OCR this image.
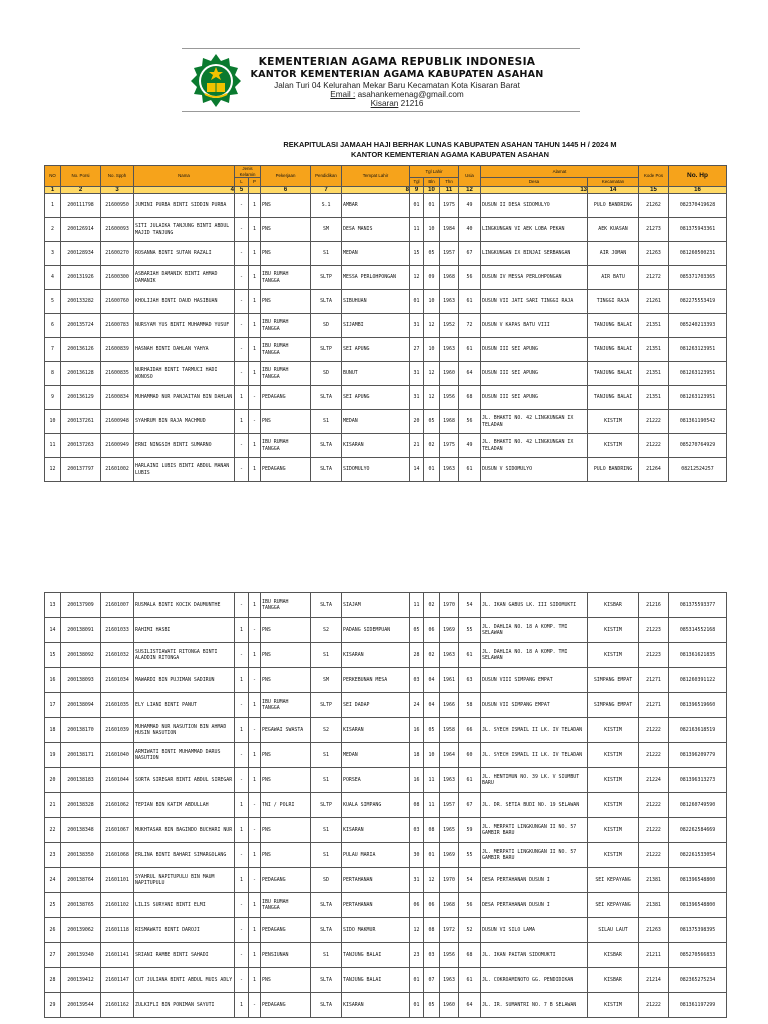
KEMENTERIAN AGAMA REPUBLIK INDONESIA
KANTOR KEMENTERIAN AGAMA KABUPATEN ASAHAN
Jalan Turi 04 Kelurahan Mekar Baru Kecamatan Kota Kisaran Barat
Email : asahankemenag@gmail.com
Kisaran 21216
REKAPITULASI JAMAAH HAJI BERHAK LUNAS KABUPATEN ASAHAN TAHUN 1445 H / 2024 M
KANTOR KEMENTERIAN AGAMA KABUPATEN ASAHAN
NO	No. Porsi	No. Spph	Nama	Jenis Kelamin		Pekerjaan	Pendidikan	Tempat Lahir	Tgl Lahir			Usia	Alamat		Kode Pos	No. Hp
				L	P				Tgl	Bln	Thn		Desa	Kecamatan		
1	2	3	4	5		6	7	8	9	10	11	12	13	14	15	16
1	200111798	21600950	JUMINI PURBA BINTI SIDDIN PURBA	-	1	PNS	S.1	AMBAR	01	01	1975	49	DUSUN II DESA SIDOMULYO	PULO BANDRING	21262	082370419628
2	200126914	21600093	SITI JULAIKA TANJUNG BINTI ABDUL MAJID TANJUNG	-	1	PNS	SM	DESA MANIS	11	10	1984	40	LINGKUNGAN VI AEK LOBA PEKAN	AEK KUASAN	21273	081375943361
3	200128934	21600270	ROSANNA BINTI SUTAN RAZALI	-	1	PNS	S1	MEDAN	15	05	1957	67	LINGKUNGAN IX BINJAI SERBANGAN	AIR JOMAN	21263	081260500231
4	200131926	21600300	ASBARIAH DAMANIK BINTI AHMAD DAMANIK	-	1	IBU RUMAH TANGGA	SLTP	MESSA PERLOHPONGAN	12	09	1968	56	DUSUN IV MESSA PERLOHPONGAN	AIR BATU	21272	085371703365
5	200133282	21600760	KHOLIJAH BINTI DAUD HASIBUAN	-	1	PNS	SLTA	SIBUHUAN	01	10	1963	61	DUSUN VII JATI SARI TINGGI RAJA	TINGGI RAJA	21261	082275553419
6	200135724	21600783	NURSYAM YUS BINTI MUHAMMAD YUSUF	-	1	IBU RUMAH TANGGA	SD	SIJAMBI	31	12	1952	72	DUSUN V KAPAS BATU VIII	TANJUNG BALAI	21351	085240213393
7	200136126	21600839	HASNAH BINTI DAHLAN YAHYA	-	1	IBU RUMAH TANGGA	SLTP	SEI APUNG	27	10	1963	61	DUSUN III SEI APUNG	TANJUNG BALAI	21351	081263123951
8	200136128	21600835	NURHAIDAH BINTI TARMUCI HADI WONOSO	-	1	IBU RUMAH TANGGA	SD	BUNUT	31	12	1960	64	DUSUN III SEI APUNG	TANJUNG BALAI	21351	081263123951
9	200136129	21600834	MUHAMMAD NUR PANJAITAN BIN DAHLAN	1	-	PEDAGANG	SLTA	SEI APUNG	31	12	1956	68	DUSUN III SEI APUNG	TANJUNG BALAI	21351	081263123951
10	200137261	21600948	SYAHRUM BIN RAJA MACHMUD	1	-	PNS	S1	MEDAN	20	05	1968	56	JL. BHAKTI NO. 42 LINGKUNGAN IX TELADAN	KISTIM	21222	081361190542
11	200137263	21600949	ERNI NINGSIH BINTI SUMARNO	-	1	IBU RUMAH TANGGA	SLTA	KISARAN	21	02	1975	49	JL. BHAKTI NO. 42 LINGKUNGAN IX TELADAN	KISTIM	21222	085270764929
12	200137797	21601002	HARLAINI LUBIS BINTI ABDUL MANAN LUBIS	-	1	PEDAGANG	SLTA	SIDOMULYO	14	01	1963	61	DUSUN V SIDOMULYO	PULO BANDRING	21264	08212524257
13	200137909	21601007	RUSMALA BINTI KOCIK DAUMUNTHE	-	1	IBU RUMAH TANGGA	SLTA	SIAJAM	11	02	1970	54	JL. IKAN GABUS LK. III SIDOMUKTI	KISBAR	21216	081375593377
14	200138091	21601033	RAHIMI HASBI	1	-	PNS	S2	PADANG SIDEMPUAN	05	06	1969	55	JL. DAHLIA NO. 18 A KOMP. TMI SELAWAN	KISTIM	21223	085314552168
15	200138092	21601032	SUSILISTIAWATI RITONGA BINTI ALADDIN RITONGA	-	1	PNS	S1	KISARAN	28	02	1963	61	JL. DAHLIA NO. 18 A KOMP. TMI SELAWAN	KISTIM	21223	081361621835
16	200138093	21601034	MAWARDI BIN PUJIMAN SADIRUN	1	-	PNS	SM	PERKEBUNAN MESA	03	04	1961	63	DUSUN VIII SIMPANG EMPAT	SIMPANG EMPAT	21271	081260391122
17	200138094	21601035	ELY LIANI BINTI PANUT	-	1	IBU RUMAH TANGGA	SLTP	SEI DADAP	24	04	1966	58	DUSUN VII SIMPANG EMPAT	SIMPANG EMPAT	21271	081396519660
18	200138170	21601039	MUHAMMAD NUR NASUTION BIN AHMAD HUSIN NASUTION	1	-	PEGAWAI SWASTA	S2	KISARAN	16	05	1958	66	JL. SYECH ISMAIL II LK. IV TELADAN	KISTIM	21222	082163618519
19	200138171	21601040	ARMIWATI BINTI MUHAMMAD DARUS NASUTION	-	1	PNS	S1	MEDAN	18	10	1964	60	JL. SYECH ISMAIL II LK. IV TELADAN	KISTIM	21222	081396209779
20	200138183	21601044	SORTA SIREGAR BINTI ABDUL SIREGAR	-	1	PNS	S1	PORSEA	16	11	1963	61	JL. HENTIMUN NO. 39 LK. V SIUMBUT BARU	KISTIM	21224	081396313273
21	200138328	21601062	TEPIAN BIN KATIM ABDULLAH	1	-	TNI / POLRI	SLTP	KUALA SIMPANG	08	11	1957	67	JL. DR. SETIA BUDI NO. 19 SELAWAN	KISTIM	21222	081260749590
22	200138348	21601067	MUKHTASAR BIN BAGINDO BUCHARI NUR	1	-	PNS	S1	KISARAN	03	08	1965	59	JL. MERPATI LINGKUNGAN II NO. 57 GAMBIR BARU	KISTIM	21222	082262584669
23	200138350	21601068	ERLINA BINTI BAHARI SIMARGOLANG	-	1	PNS	S1	PULAU MARIA	30	01	1969	55	JL. MERPATI LINGKUNGAN II NO. 57 GAMBIR BARU	KISTIM	21222	082261533054
24	200138764	21601101	SYAHRUL NAPITUPULU BIN MAUM NAPITUPULU	1	-	PEDAGANG	SD	PERTAHANAN	31	12	1970	54	DESA PERTAHANAN DUSUN I	SEI KEPAYANG	21381	081396548800
25	200138765	21601102	LILIS SURYANI BINTI ELMI	-	1	IBU RUMAH TANGGA	SLTA	PERTAHANAN	06	06	1968	56	DESA PERTAHANAN DUSUN I	SEI KEPAYANG	21381	081396548800
26	200139062	21601118	RISMAWATI BINTI DAROJI	-	1	PEDAGANG	SLTA	SIDO MAKMUR	12	08	1972	52	DUSUN VI SILO LAMA	SILAU LAUT	21263	081375398395
27	200139340	21601141	SRIANI RAMBE BINTI SAHADI	-	1	PENSIUNAN	S1	TANJUNG BALAI	23	03	1956	68	JL. IKAN PAITAN SIDOMUKTI	KISBAR	21211	085270566833
28	200139412	21601147	CUT JULIANA BINTI ABDUL MUIS ADLY	-	1	PNS	SLTA	TANJUNG BALAI	01	07	1963	61	JL. COKROAMINOTO GG. PENDIDIKAN	KISBAR	21214	082365275234
29	200139544	21601162	ZULKIFLI BIN PONIMAN SAYUTI	1	-	PEDAGANG	SLTA	KISARAN	01	05	1960	64	JL. IR. SUMANTRI NO. 7 B SELAWAN	KISTIM	21222	081361197299
